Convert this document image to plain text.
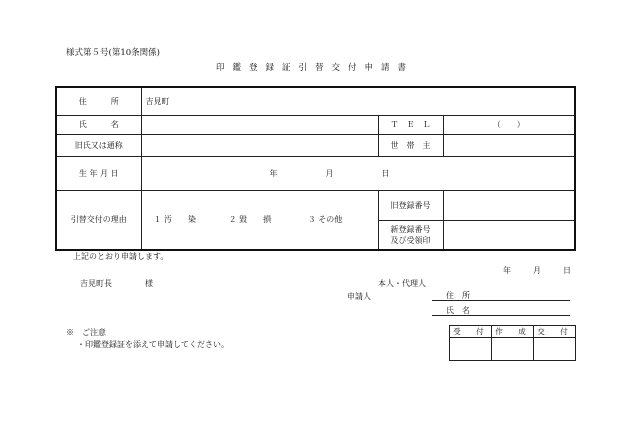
様式第５号(第10条関係)
印鑑登録証引替交付申請書
住　　　所	吉見町		
氏　　　名		Ｔ　Ｅ　Ｌ	（　　）
旧氏又は通称		世　帯　主	
生 年 月 日	年　　　　　　月　　　　　　日		
引替交付の理由	１ 汚　　染 ２ 毀　　損 ３ その他	旧登録番号	

		新登録番号
及び受領印	

上記のとおり申請します。
年　　月　　日
吉見町長	様	本人・代理人
申請人	住　所
氏　名
※　ご注意
・印鑑登録証を添えて申請してください。
受　付	作　成	交　付
